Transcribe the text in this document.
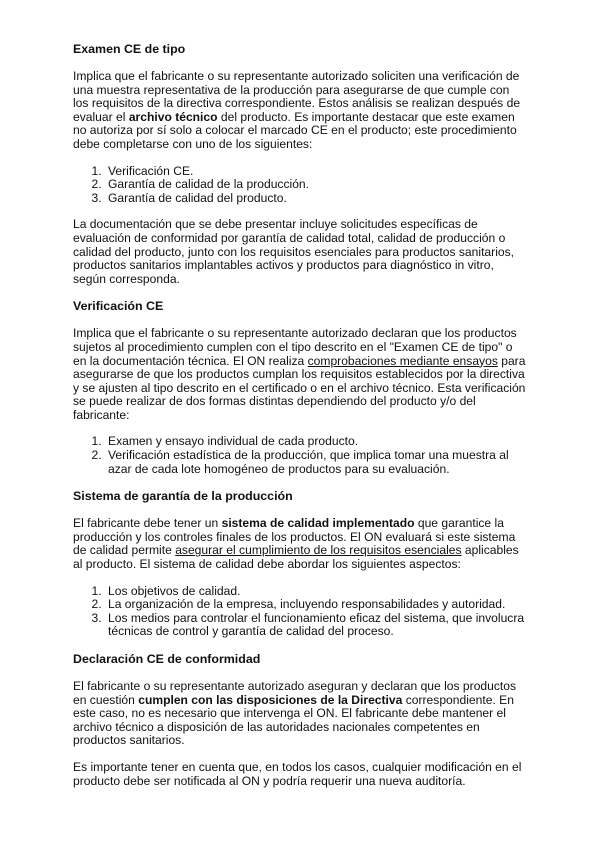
Examen CE de tipo

Implica que el fabricante o su representante autorizado soliciten una verificación de una muestra representativa de la producción para asegurarse de que cumple con los requisitos de la directiva correspondiente. Estos análisis se realizan después de evaluar el archivo técnico del producto. Es importante destacar que este examen no autoriza por sí solo a colocar el marcado CE en el producto; este procedimiento debe completarse con uno de los siguientes:

1. Verificación CE.
2. Garantía de calidad de la producción.
3. Garantía de calidad del producto.

La documentación que se debe presentar incluye solicitudes específicas de evaluación de conformidad por garantía de calidad total, calidad de producción o calidad del producto, junto con los requisitos esenciales para productos sanitarios, productos sanitarios implantables activos y productos para diagnóstico in vitro, según corresponda.

Verificación CE

Implica que el fabricante o su representante autorizado declaran que los productos sujetos al procedimiento cumplen con el tipo descrito en el "Examen CE de tipo" o en la documentación técnica. El ON realiza comprobaciones mediante ensayos para asegurarse de que los productos cumplan los requisitos establecidos por la directiva y se ajusten al tipo descrito en el certificado o en el archivo técnico. Esta verificación se puede realizar de dos formas distintas dependiendo del producto y/o del fabricante:

1. Examen y ensayo individual de cada producto.
2. Verificación estadística de la producción, que implica tomar una muestra al azar de cada lote homogéneo de productos para su evaluación.
Sistema de garantía de la producción

El fabricante debe tener un sistema de calidad implementado que garantice la producción y los controles finales de los productos. El ON evaluará si este sistema de calidad permite asegurar el cumplimiento de los requisitos esenciales aplicables al producto. El sistema de calidad debe abordar los siguientes aspectos:

1. Los objetivos de calidad.
2. La organización de la empresa, incluyendo responsabilidades y autoridad.
3. Los medios para controlar el funcionamiento eficaz del sistema, que involucra técnicas de control y garantía de calidad del proceso.
Declaración CE de conformidad

El fabricante o su representante autorizado aseguran y declaran que los productos en cuestión cumplen con las disposiciones de la Directiva correspondiente. En este caso, no es necesario que intervenga el ON. El fabricante debe mantener el archivo técnico a disposición de las autoridades nacionales competentes en productos sanitarios.

Es importante tener en cuenta que, en todos los casos, cualquier modificación en el producto debe ser notificada al ON y podría requerir una nueva auditoría.
